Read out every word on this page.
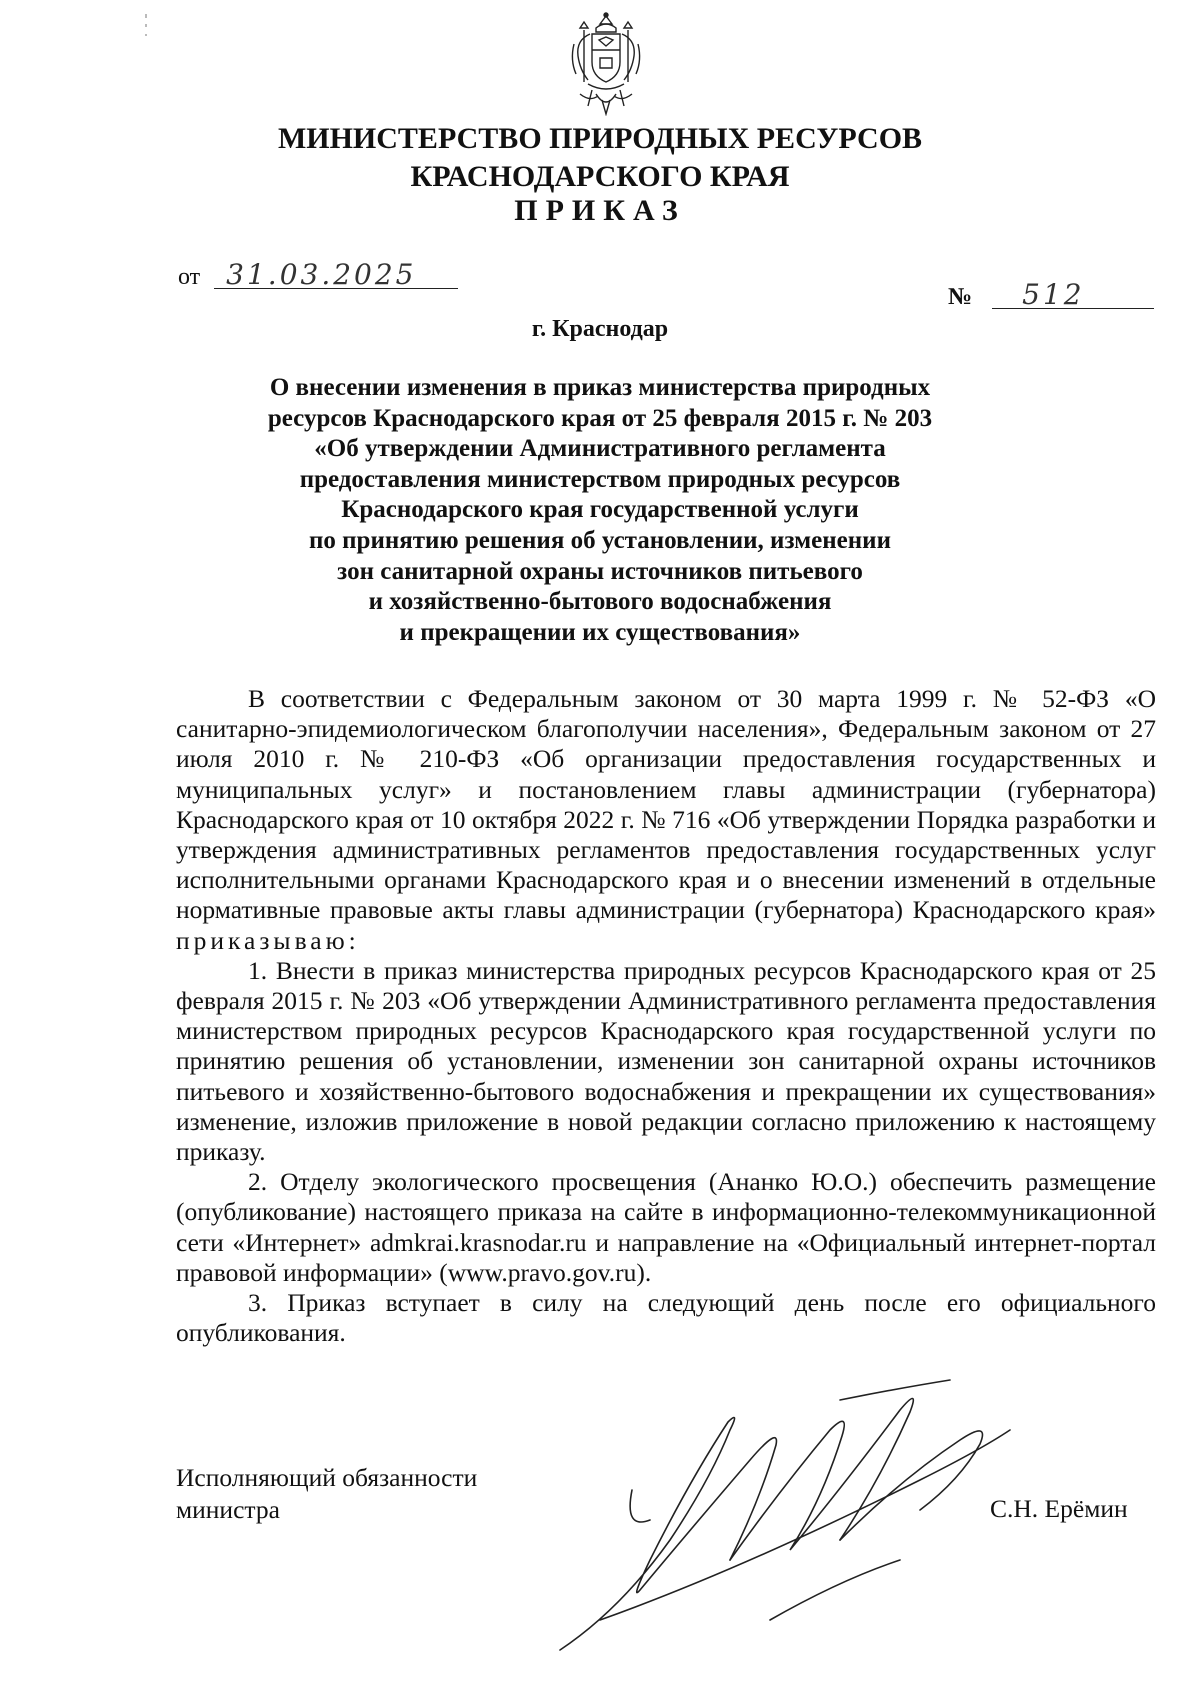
МИНИСТЕРСТВО ПРИРОДНЫХ РЕСУРСОВ
КРАСНОДАРСКОГО КРАЯ
ПРИКАЗ
от 31.03.2025
№ 512
г. Краснодар
О внесении изменения в приказ министерства природных
ресурсов Краснодарского края от 25 февраля 2015 г. № 203
«Об утверждении Административного регламента
предоставления министерством природных ресурсов
Краснодарского края государственной услуги
по принятию решения об установлении, изменении
зон санитарной охраны источников питьевого
и хозяйственно-бытового водоснабжения
и прекращении их существования»

В соответствии с Федеральным законом от 30 марта 1999 г. № 52-ФЗ «О санитарно-эпидемиологическом благополучии населения», Федеральным законом от 27 июля 2010 г. № 210-ФЗ «Об организации предоставления государственных и муниципальных услуг» и постановлением главы администрации (губернатора) Краснодарского края от 10 октября 2022 г. № 716 «Об утверждении Порядка разработки и утверждения административных регламентов предоставления государственных услуг исполнительными органами Краснодарского края и о внесении изменений в отдельные нормативные правовые акты главы администрации (губернатора) Краснодарского края» приказываю:

1. Внести в приказ министерства природных ресурсов Краснодарского края от 25 февраля 2015 г. № 203 «Об утверждении Административного регламента предоставления министерством природных ресурсов Краснодарского края государственной услуги по принятию решения об установлении, изменении зон санитарной охраны источников питьевого и хозяйственно-бытового водоснабжения и прекращении их существования» изменение, изложив приложение в новой редакции согласно приложению к настоящему приказу.

2. Отделу экологического просвещения (Ананко Ю.О.) обеспечить размещение (опубликование) настоящего приказа на сайте в информационно-телекоммуникационной сети «Интернет» admkrai.krasnodar.ru и направление на «Официальный интернет-портал правовой информации» (www.pravo.gov.ru).

3. Приказ вступает в силу на следующий день после его официального опубликования.

Исполняющий обязанности
министра	С.Н. Ерёмин
